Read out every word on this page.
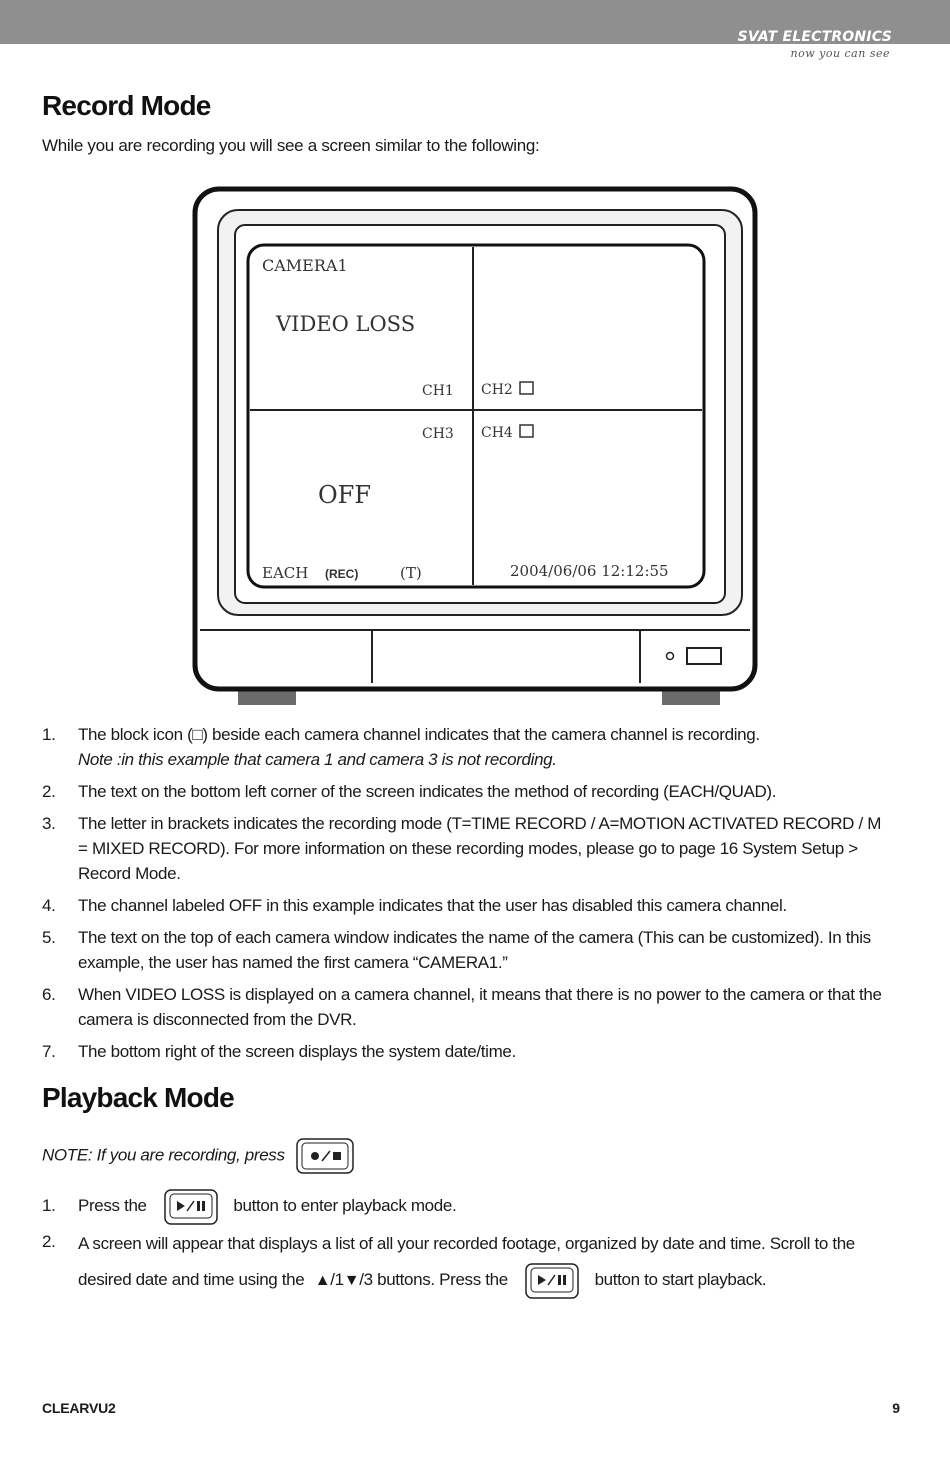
SVAT ELECTRONICS
now you can see
Record Mode
While you are recording you will see a screen similar to the following:
CAMERA1
VIDEO LOSS
CH1 CH2
CH3 CH4
OFF
EACH (REC)	(T)	2004/06/06 12:12:55
1. The block icon (□) beside each camera channel indicates that the camera channel is recording.
Note :in this example that camera 1 and camera 3 is not recording.
2. The text on the bottom left corner of the screen indicates the method of recording (EACH/QUAD).
3. The letter in brackets indicates the recording mode (T=TIME RECORD / A=MOTION ACTIVATED RECORD / M = MIXED RECORD). For more information on these recording modes, please go to page 16 System Setup > Record Mode.
4. The channel labeled OFF in this example indicates that the user has disabled this camera channel.
5. The text on the top of each camera window indicates the name of the camera (This can be customized). In this example, the user has named the first camera “CAMERA1.”
6. When VIDEO LOSS is displayed on a camera channel, it means that there is no power to the camera or that the camera is disconnected from the DVR.
7. The bottom right of the screen displays the system date/time.
Playback Mode
NOTE: If you are recording, press
1. Press the	button to enter playback mode.
2. A screen will appear that displays a list of all your recorded footage, organized by date and time. Scroll to the
desired date and time using the ▲/1▼/3 buttons. Press the	button to start playback.
CLEARVU2	9
